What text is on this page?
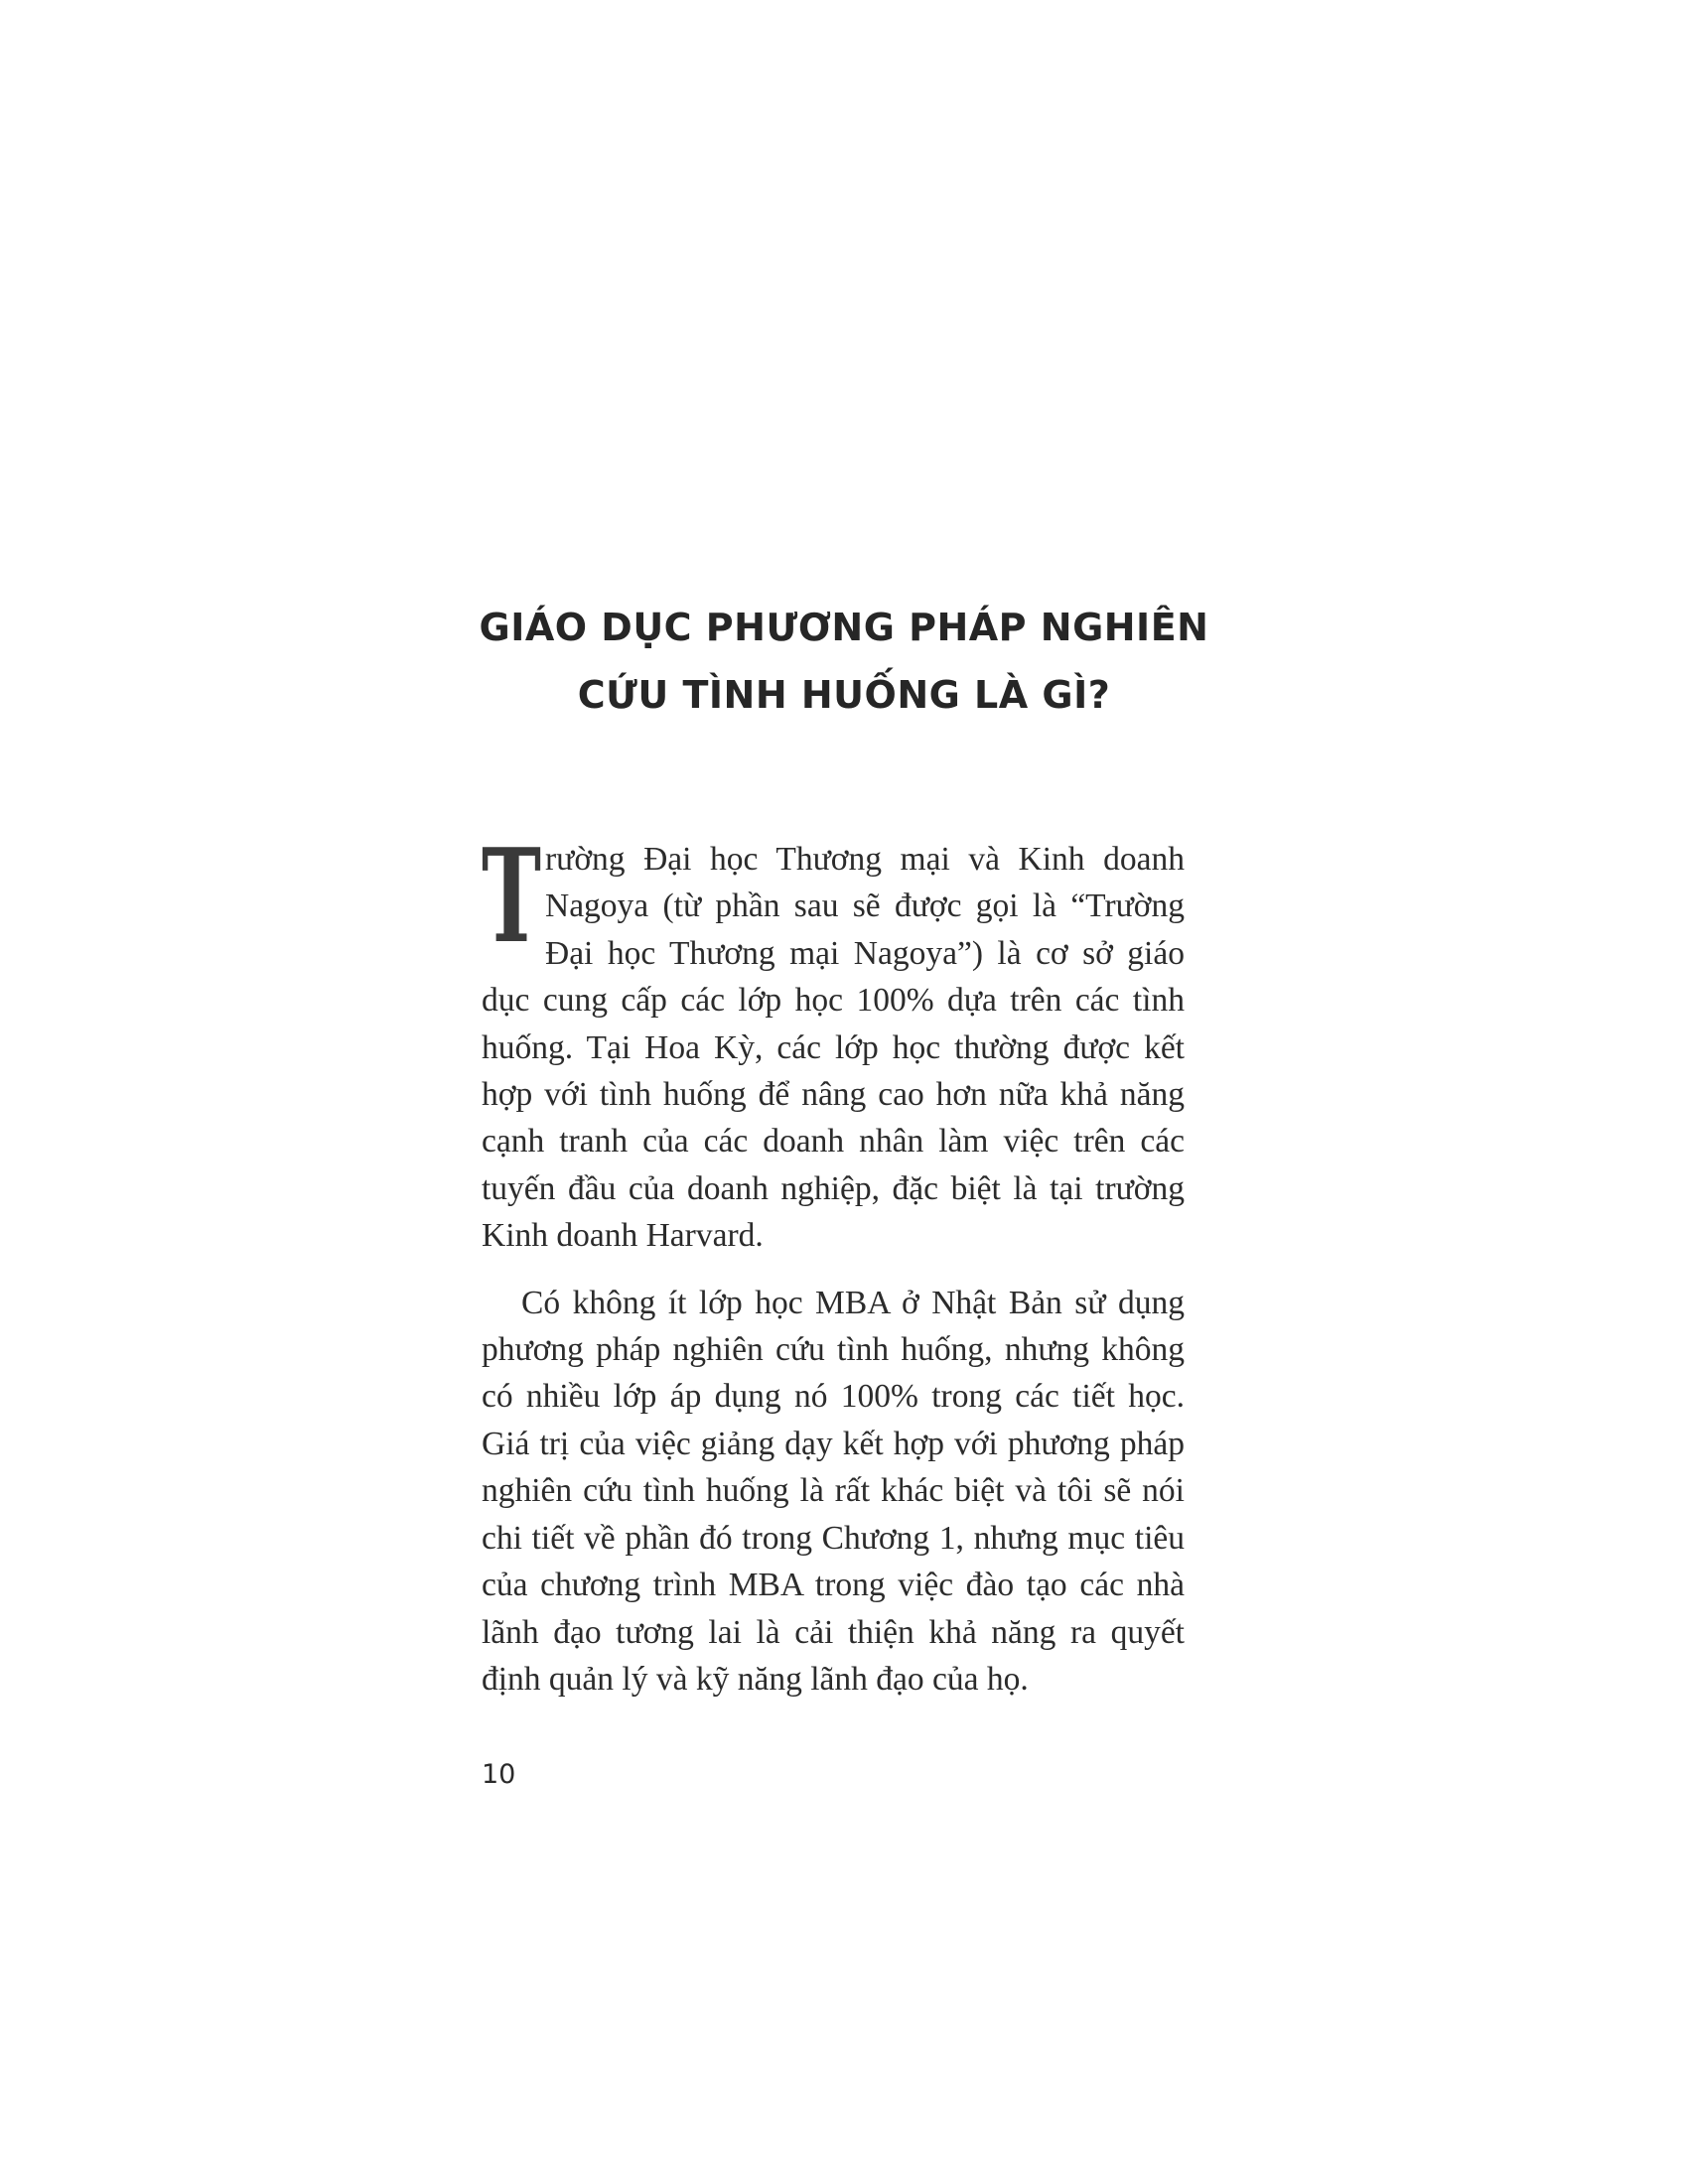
GIÁO DỤC PHƯƠNG PHÁP NGHIÊN
CỨU TÌNH HUỐNG LÀ GÌ?

T rường Đại học Thương mại và Kinh doanh Nagoya (từ phần sau sẽ được gọi là “Trường Đại học Thương mại Nagoya”) là cơ sở giáo dục cung cấp các lớp học 100% dựa trên các tình huống. Tại Hoa Kỳ, các lớp học thường được kết hợp với tình huống để nâng cao hơn nữa khả năng cạnh tranh của các doanh nhân làm việc trên các tuyến đầu của doanh nghiệp, đặc biệt là tại trường Kinh doanh Harvard.

Có không ít lớp học MBA ở Nhật Bản sử dụng phương pháp nghiên cứu tình huống, nhưng không có nhiều lớp áp dụng nó 100% trong các tiết học. Giá trị của việc giảng dạy kết hợp với phương pháp nghiên cứu tình huống là rất khác biệt và tôi sẽ nói chi tiết về phần đó trong Chương 1, nhưng mục tiêu của chương trình MBA trong việc đào tạo các nhà lãnh đạo tương lai là cải thiện khả năng ra quyết định quản lý và kỹ năng lãnh đạo của họ.

10
